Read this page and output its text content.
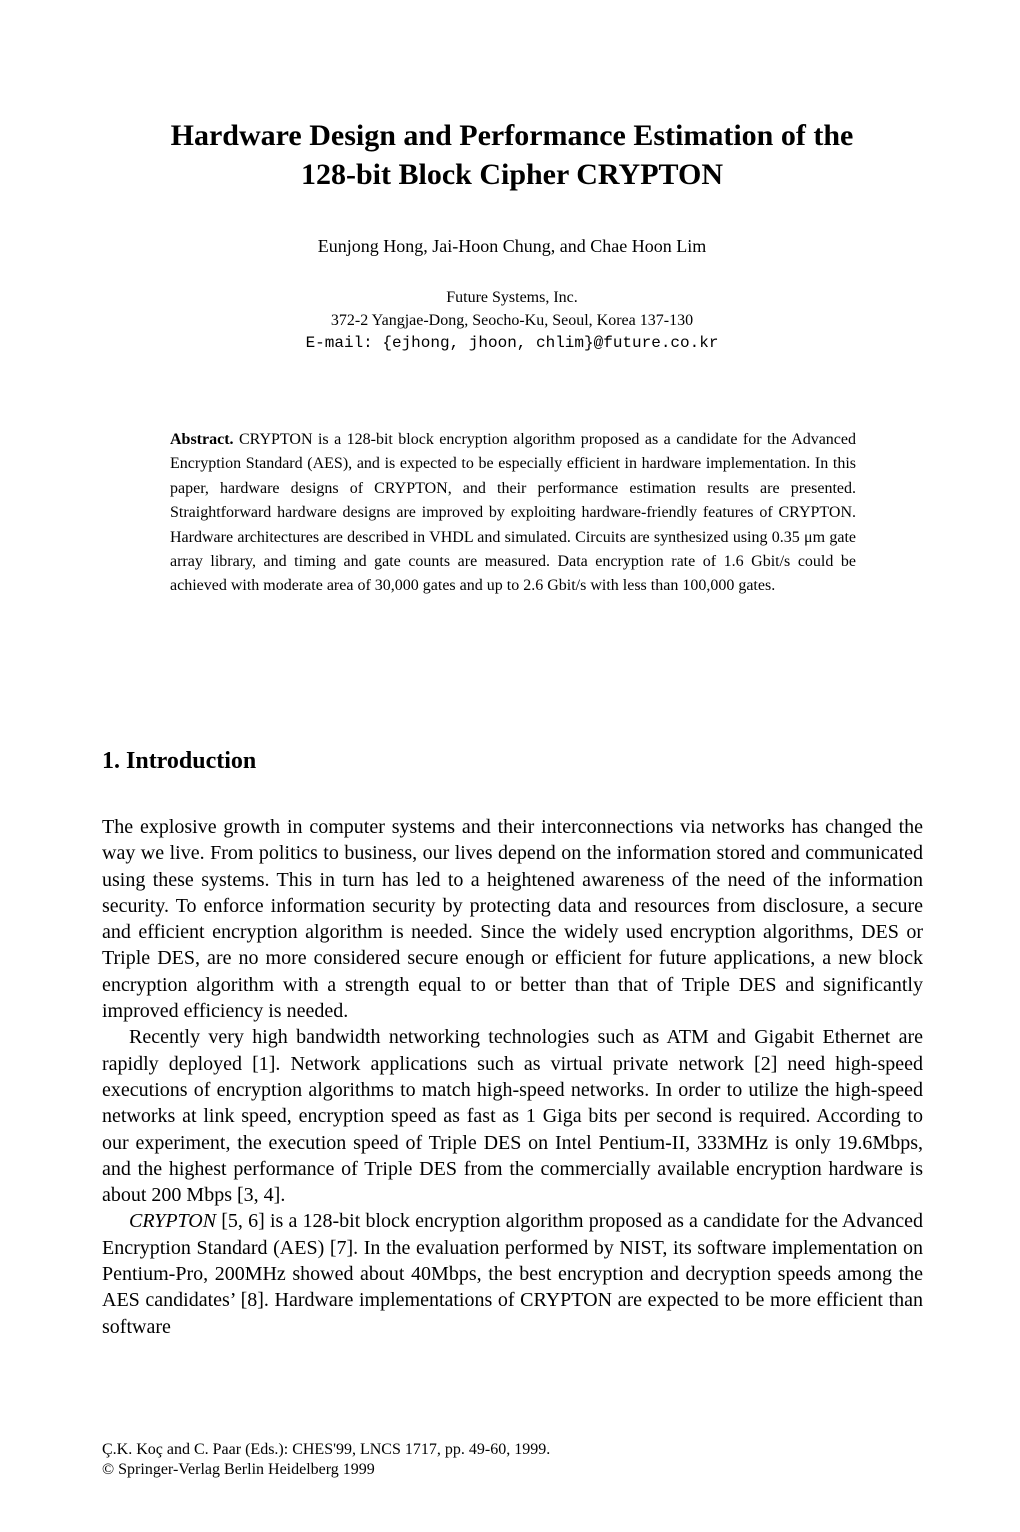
Hardware Design and Performance Estimation of the
128-bit Block Cipher CRYPTON
Eunjong Hong, Jai-Hoon Chung, and Chae Hoon Lim
Future Systems, Inc.
372-2 Yangjae-Dong, Seocho-Ku, Seoul, Korea 137-130
E-mail: {ejhong, jhoon, chlim}@future.co.kr

Abstract. CRYPTON is a 128-bit block encryption algorithm proposed as a candidate for the Advanced Encryption Standard (AES), and is expected to be especially efficient in hardware implementation. In this paper, hardware designs of CRYPTON, and their performance estimation results are presented. Straightforward hardware designs are improved by exploiting hardware-friendly features of CRYPTON. Hardware architectures are described in VHDL and simulated. Circuits are synthesized using 0.35 μm gate array library, and timing and gate counts are measured. Data encryption rate of 1.6 Gbit/s could be achieved with moderate area of 30,000 gates and up to 2.6 Gbit/s with less than 100,000 gates.

1. Introduction

The explosive growth in computer systems and their interconnections via networks has changed the way we live. From politics to business, our lives depend on the information stored and communicated using these systems. This in turn has led to a heightened awareness of the need of the information security. To enforce information security by protecting data and resources from disclosure, a secure and efficient encryption algorithm is needed. Since the widely used encryption algorithms, DES or Triple DES, are no more considered secure enough or efficient for future applications, a new block encryption algorithm with a strength equal to or better than that of Triple DES and significantly improved efficiency is needed.

Recently very high bandwidth networking technologies such as ATM and Gigabit Ethernet are rapidly deployed [1]. Network applications such as virtual private network [2] need high-speed executions of encryption algorithms to match high-speed networks. In order to utilize the high-speed networks at link speed, encryption speed as fast as 1 Giga bits per second is required. According to our experiment, the execution speed of Triple DES on Intel Pentium-II, 333MHz is only 19.6Mbps, and the highest performance of Triple DES from the commercially available encryption hardware is about 200 Mbps [3, 4].

CRYPTON [5, 6] is a 128-bit block encryption algorithm proposed as a candidate for the Advanced Encryption Standard (AES) [7]. In the evaluation performed by NIST, its software implementation on Pentium-Pro, 200MHz showed about 40Mbps, the best encryption and decryption speeds among the AES candidates’ [8]. Hardware implementations of CRYPTON are expected to be more efficient than software

Ç.K. Koç and C. Paar (Eds.): CHES'99, LNCS 1717, pp. 49-60, 1999.
© Springer-Verlag Berlin Heidelberg 1999
